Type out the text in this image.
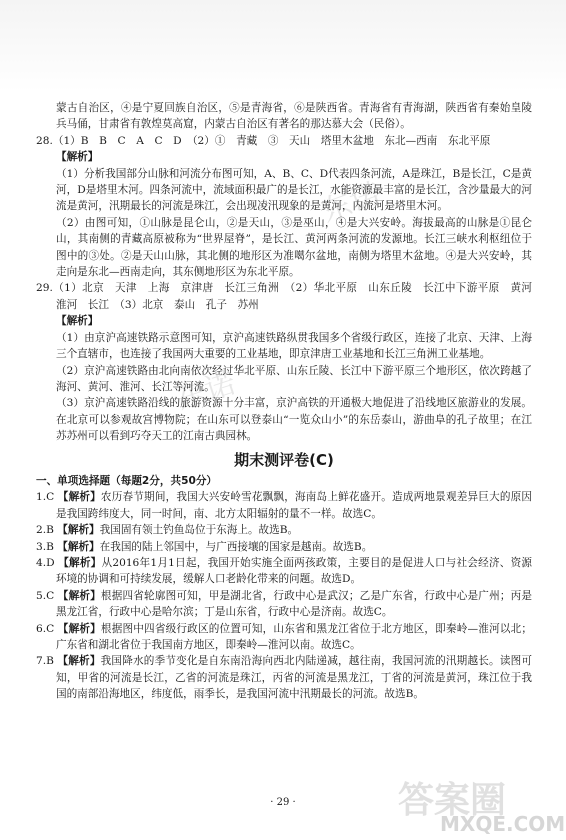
东诺
东诺

蒙古自治区，④是宁夏回族自治区，⑤是青海省，⑥是陕西省。青海省有青海湖，陕西省有秦始皇陵兵马俑，甘肃省有敦煌莫高窟，内蒙古自治区有著名的那达慕大会（民俗）。

28.（1）B　B　C　A　C　D　（2）①　青藏　③　天山　塔里木盆地　东北—西南　东北平原

【解析】

（1）分析我国部分山脉和河流分布图可知，A、B、C、D代表四条河流，A是珠江，B是长江，C是黄河，D是塔里木河。四条河流中，流域面积最广的是长江，水能资源最丰富的是长江，含沙量最大的河流是黄河，汛期最长的河流是珠江，会出现凌汛现象的是黄河，内流河是塔里木河。

（2）由图可知，①山脉是昆仑山，②是天山，③是巫山，④是大兴安岭。海拔最高的山脉是①昆仑山，其南侧的青藏高原被称为“世界屋脊”，是长江、黄河两条河流的发源地。长江三峡水利枢纽位于图中的③处。②是天山山脉，其北侧的地形区为准噶尔盆地，南侧为塔里木盆地。④是大兴安岭，其走向是东北—西南走向，其东侧地形区为东北平原。

29.（1）北京　天津　上海　京津唐　长江三角洲　（2）华北平原　山东丘陵　长江中下游平原　黄河　淮河　长江　（3）北京　泰山　孔子　苏州

【解析】

（1）由京沪高速铁路示意图可知，京沪高速铁路纵贯我国多个省级行政区，连接了北京、天津、上海三个直辖市，也连接了我国两大重要的工业基地，即京津唐工业基地和长江三角洲工业基地。

（2）京沪高速铁路由北向南依次经过华北平原、山东丘陵、长江中下游平原三个地形区，依次跨越了海河、黄河、淮河、长江等河流。

（3）京沪高速铁路沿线的旅游资源十分丰富，京沪高铁的开通极大地促进了沿线地区旅游业的发展。在北京可以参观故宫博物院；在山东可以登泰山“一览众山小”的东岳泰山，游曲阜的孔子故里；在江苏苏州可以看到巧夺天工的江南古典园林。

期末测评卷(C)

一、单项选择题（每题2分，共50分）

1.C 【解析】农历春节期间，我国大兴安岭雪花飘飘，海南岛上鲜花盛开。造成两地景观差异巨大的原因是我国跨纬度大，同一时间，南、北方太阳辐射的量不一样。故选C。

2.B 【解析】我国固有领土钓鱼岛位于东海上。故选B。

3.B 【解析】在我国的陆上邻国中，与广西接壤的国家是越南。故选B。

4.D 【解析】从2016年1月1日起，我国开始实施全面两孩政策，主要目的是促进人口与社会经济、资源环境的协调和可持续发展，缓解人口老龄化带来的问题。故选D。

5.C 【解析】根据四省轮廓图可知，甲是湖北省，行政中心是武汉；乙是广东省，行政中心是广州；丙是黑龙江省，行政中心是哈尔滨；丁是山东省，行政中心是济南。故选C。

6.C 【解析】根据图中四省级行政区的位置可知，山东省和黑龙江省位于北方地区，即秦岭—淮河以北；广东省和湖北省位于我国南方地区，即秦岭—淮河以南。故选C。

7.B 【解析】我国降水的季节变化是自东南沿海向西北内陆递减，越往南，我国河流的汛期越长。读图可知，甲省的河流是长江，乙省的河流是珠江，丙省的河流是黑龙江，丁省的河流是黄河，珠江位于我国的南部沿海地区，纬度低，雨季长，是我国河流中汛期最长的河流。故选B。

· 29 ·	答案圈
MXQE.COM
